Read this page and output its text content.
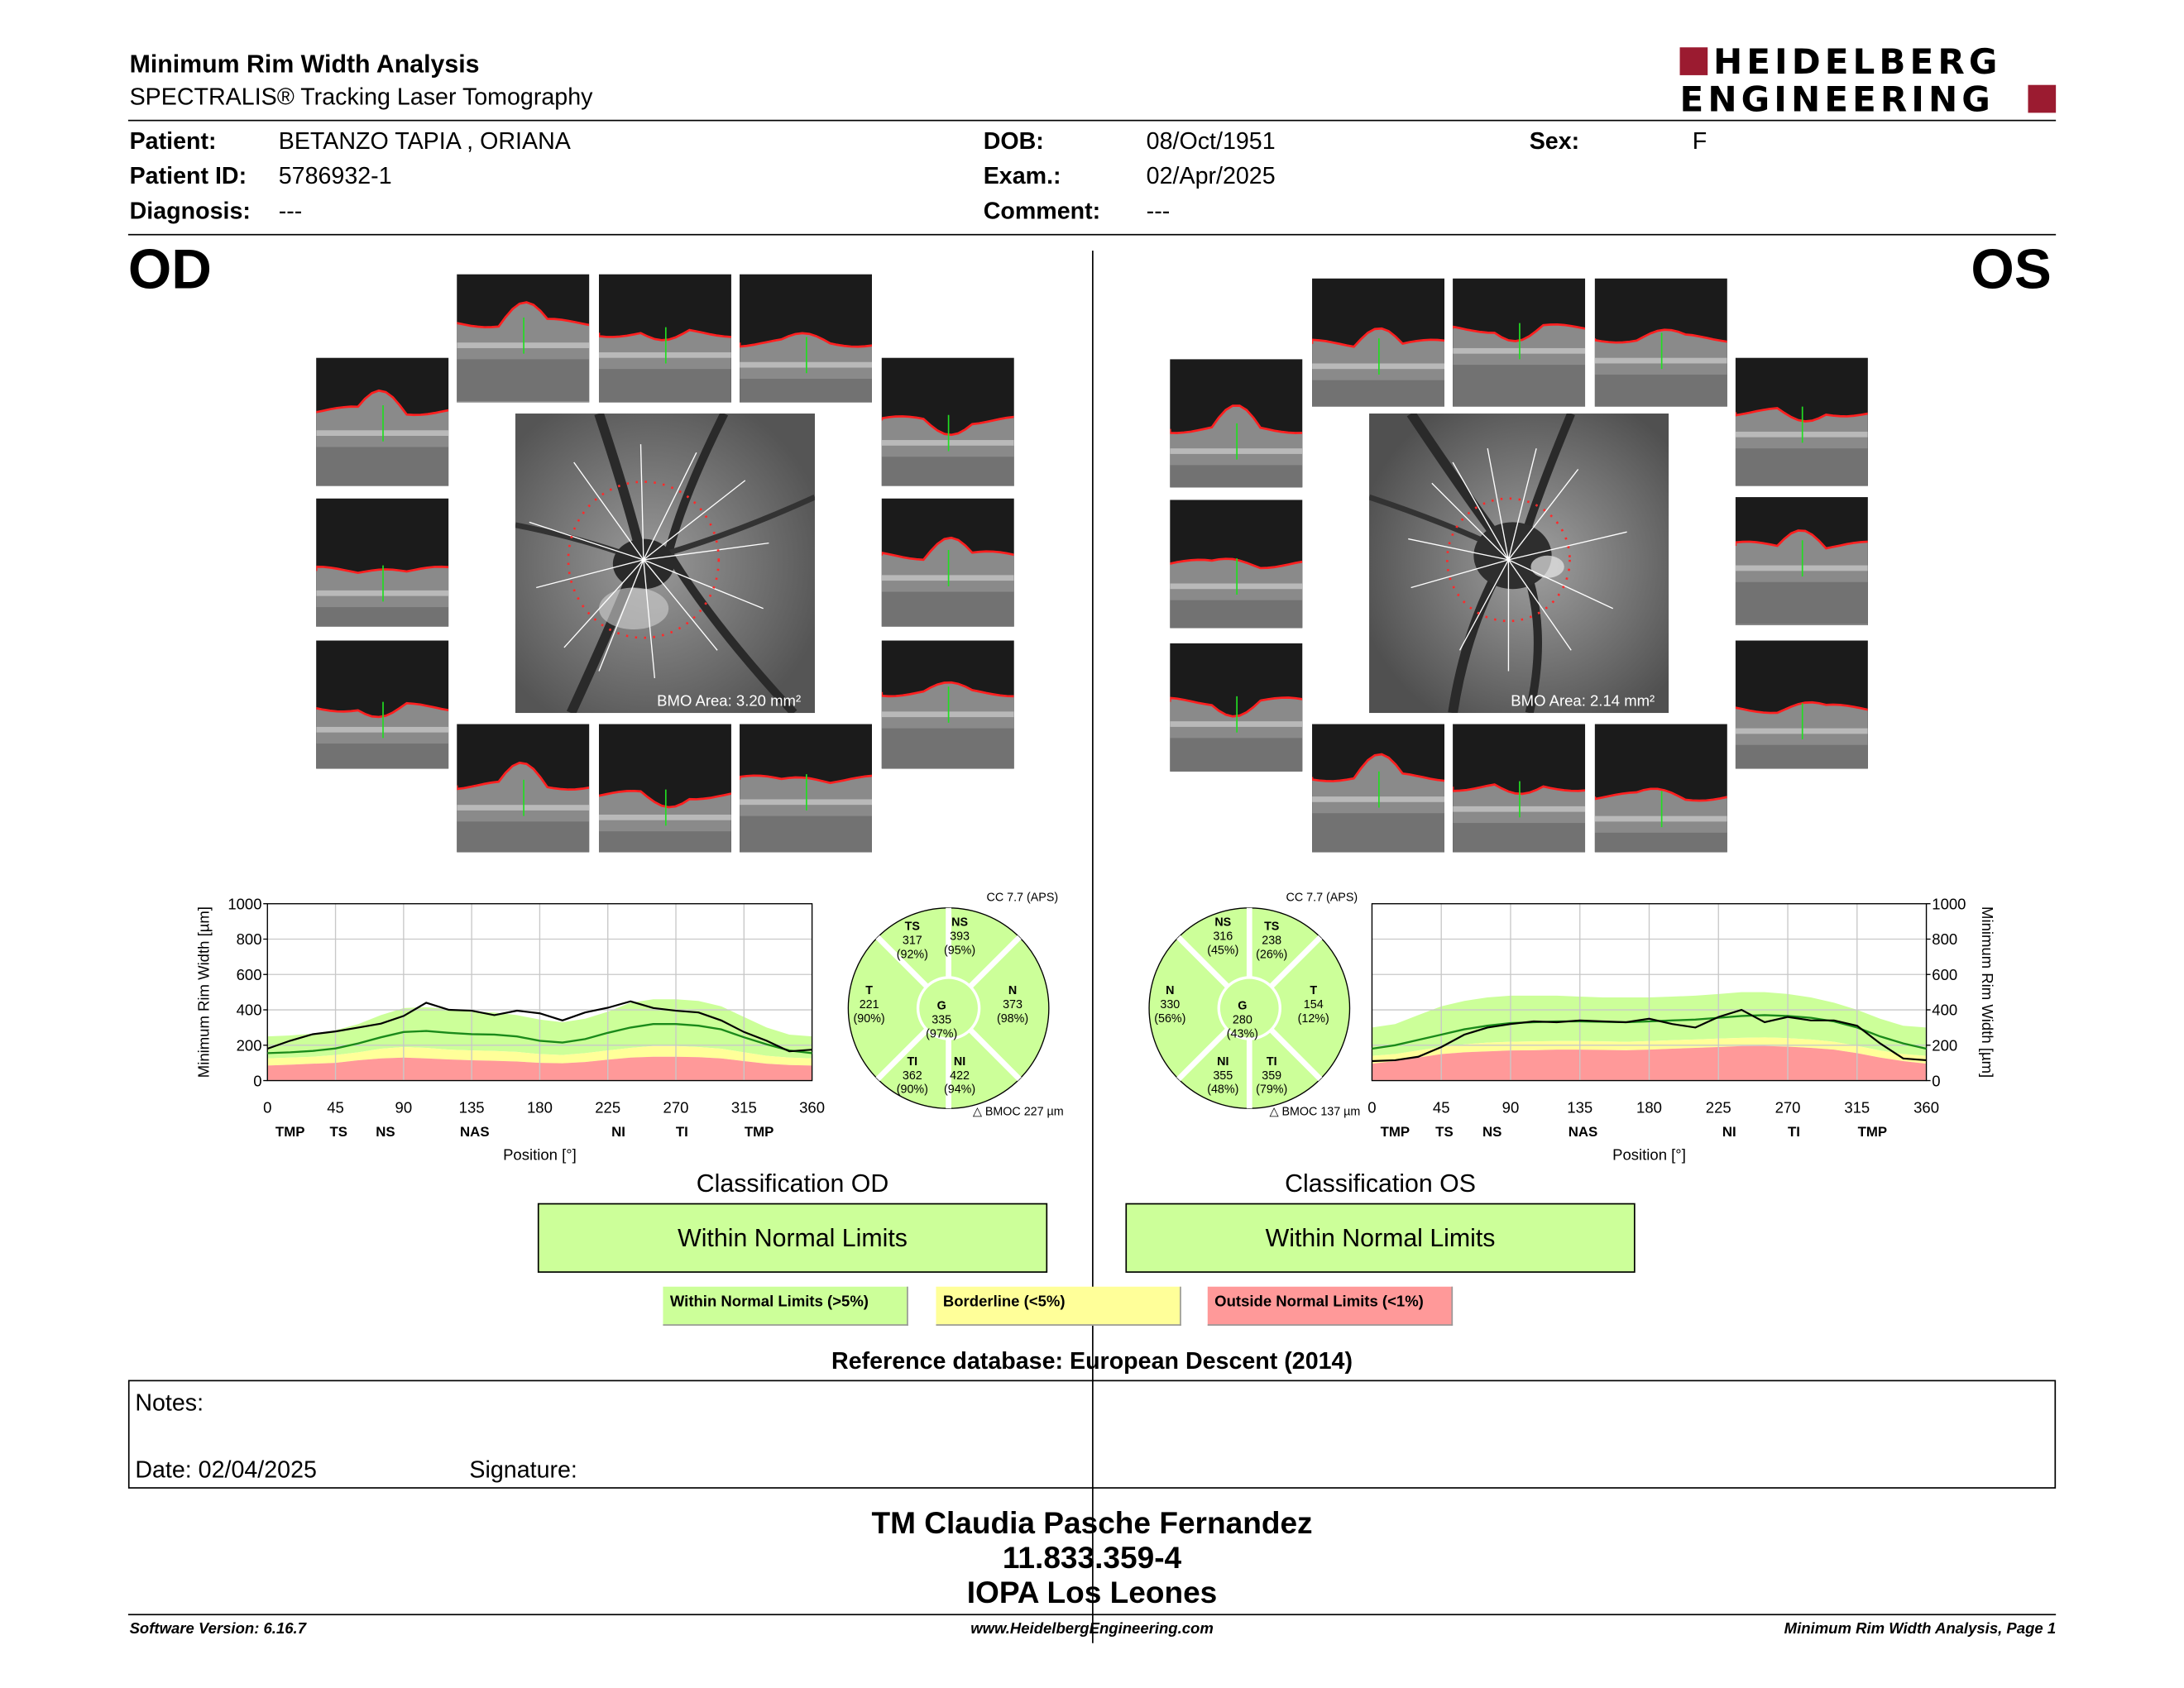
Minimum Rim Width Analysis
SPECTRALIS® Tracking Laser Tomography
HEIDELBERG
ENGINEERING
Patient:	BETANZO TAPIA , ORIANA
Patient ID: 5786932-1
Diagnosis: ---
DOB:	08/Oct/1951
Exam.:	02/Apr/2025
Comment:	---
Sex:	F
OD	OS
BMO Area: 3.20 mm²	BMO Area: 2.14 mm²
0
200
400
600
800
1000
0	45	90	135	180	225	270	315	360
TMP	TS	NS	NAS	NI	TI	TMP
Position [°]
Minimum Rim Width [µm]
0
200
400
600
800
1000
0	45	90	135	180	225	270	315	360
TMP	TS	NS	NAS	NI	TI	TMP
Position [°]
Minimum Rim Width [µm]
TS
317
(92%)
NS
393
(95%)
T
221
(90%)
G
335
(97%)
N
373
(98%)
TI
362
(90%)
NI
422
(94%)
CC 7.7 (APS)
△ BMOC 227 µm
NS
316
(45%)
TS
238
(26%)
N
330
(56%)
G
280
(43%)
T
154
(12%)
NI
355
(48%)
TI
359
(79%)
CC 7.7 (APS)
△ BMOC 137 µm
Classification OD
Within Normal Limits
Classification OS
Within Normal Limits
Within Normal Limits (>5%)	Borderline (<5%)	Outside Normal Limits (<1%)
Reference database: European Descent (2014)
Notes:
Date: 02/04/2025	Signature:
TM Claudia Pasche Fernandez
11.833.359-4
IOPA Los Leones
Software Version: 6.16.7	www.HeidelbergEngineering.com	Minimum Rim Width Analysis, Page 1
